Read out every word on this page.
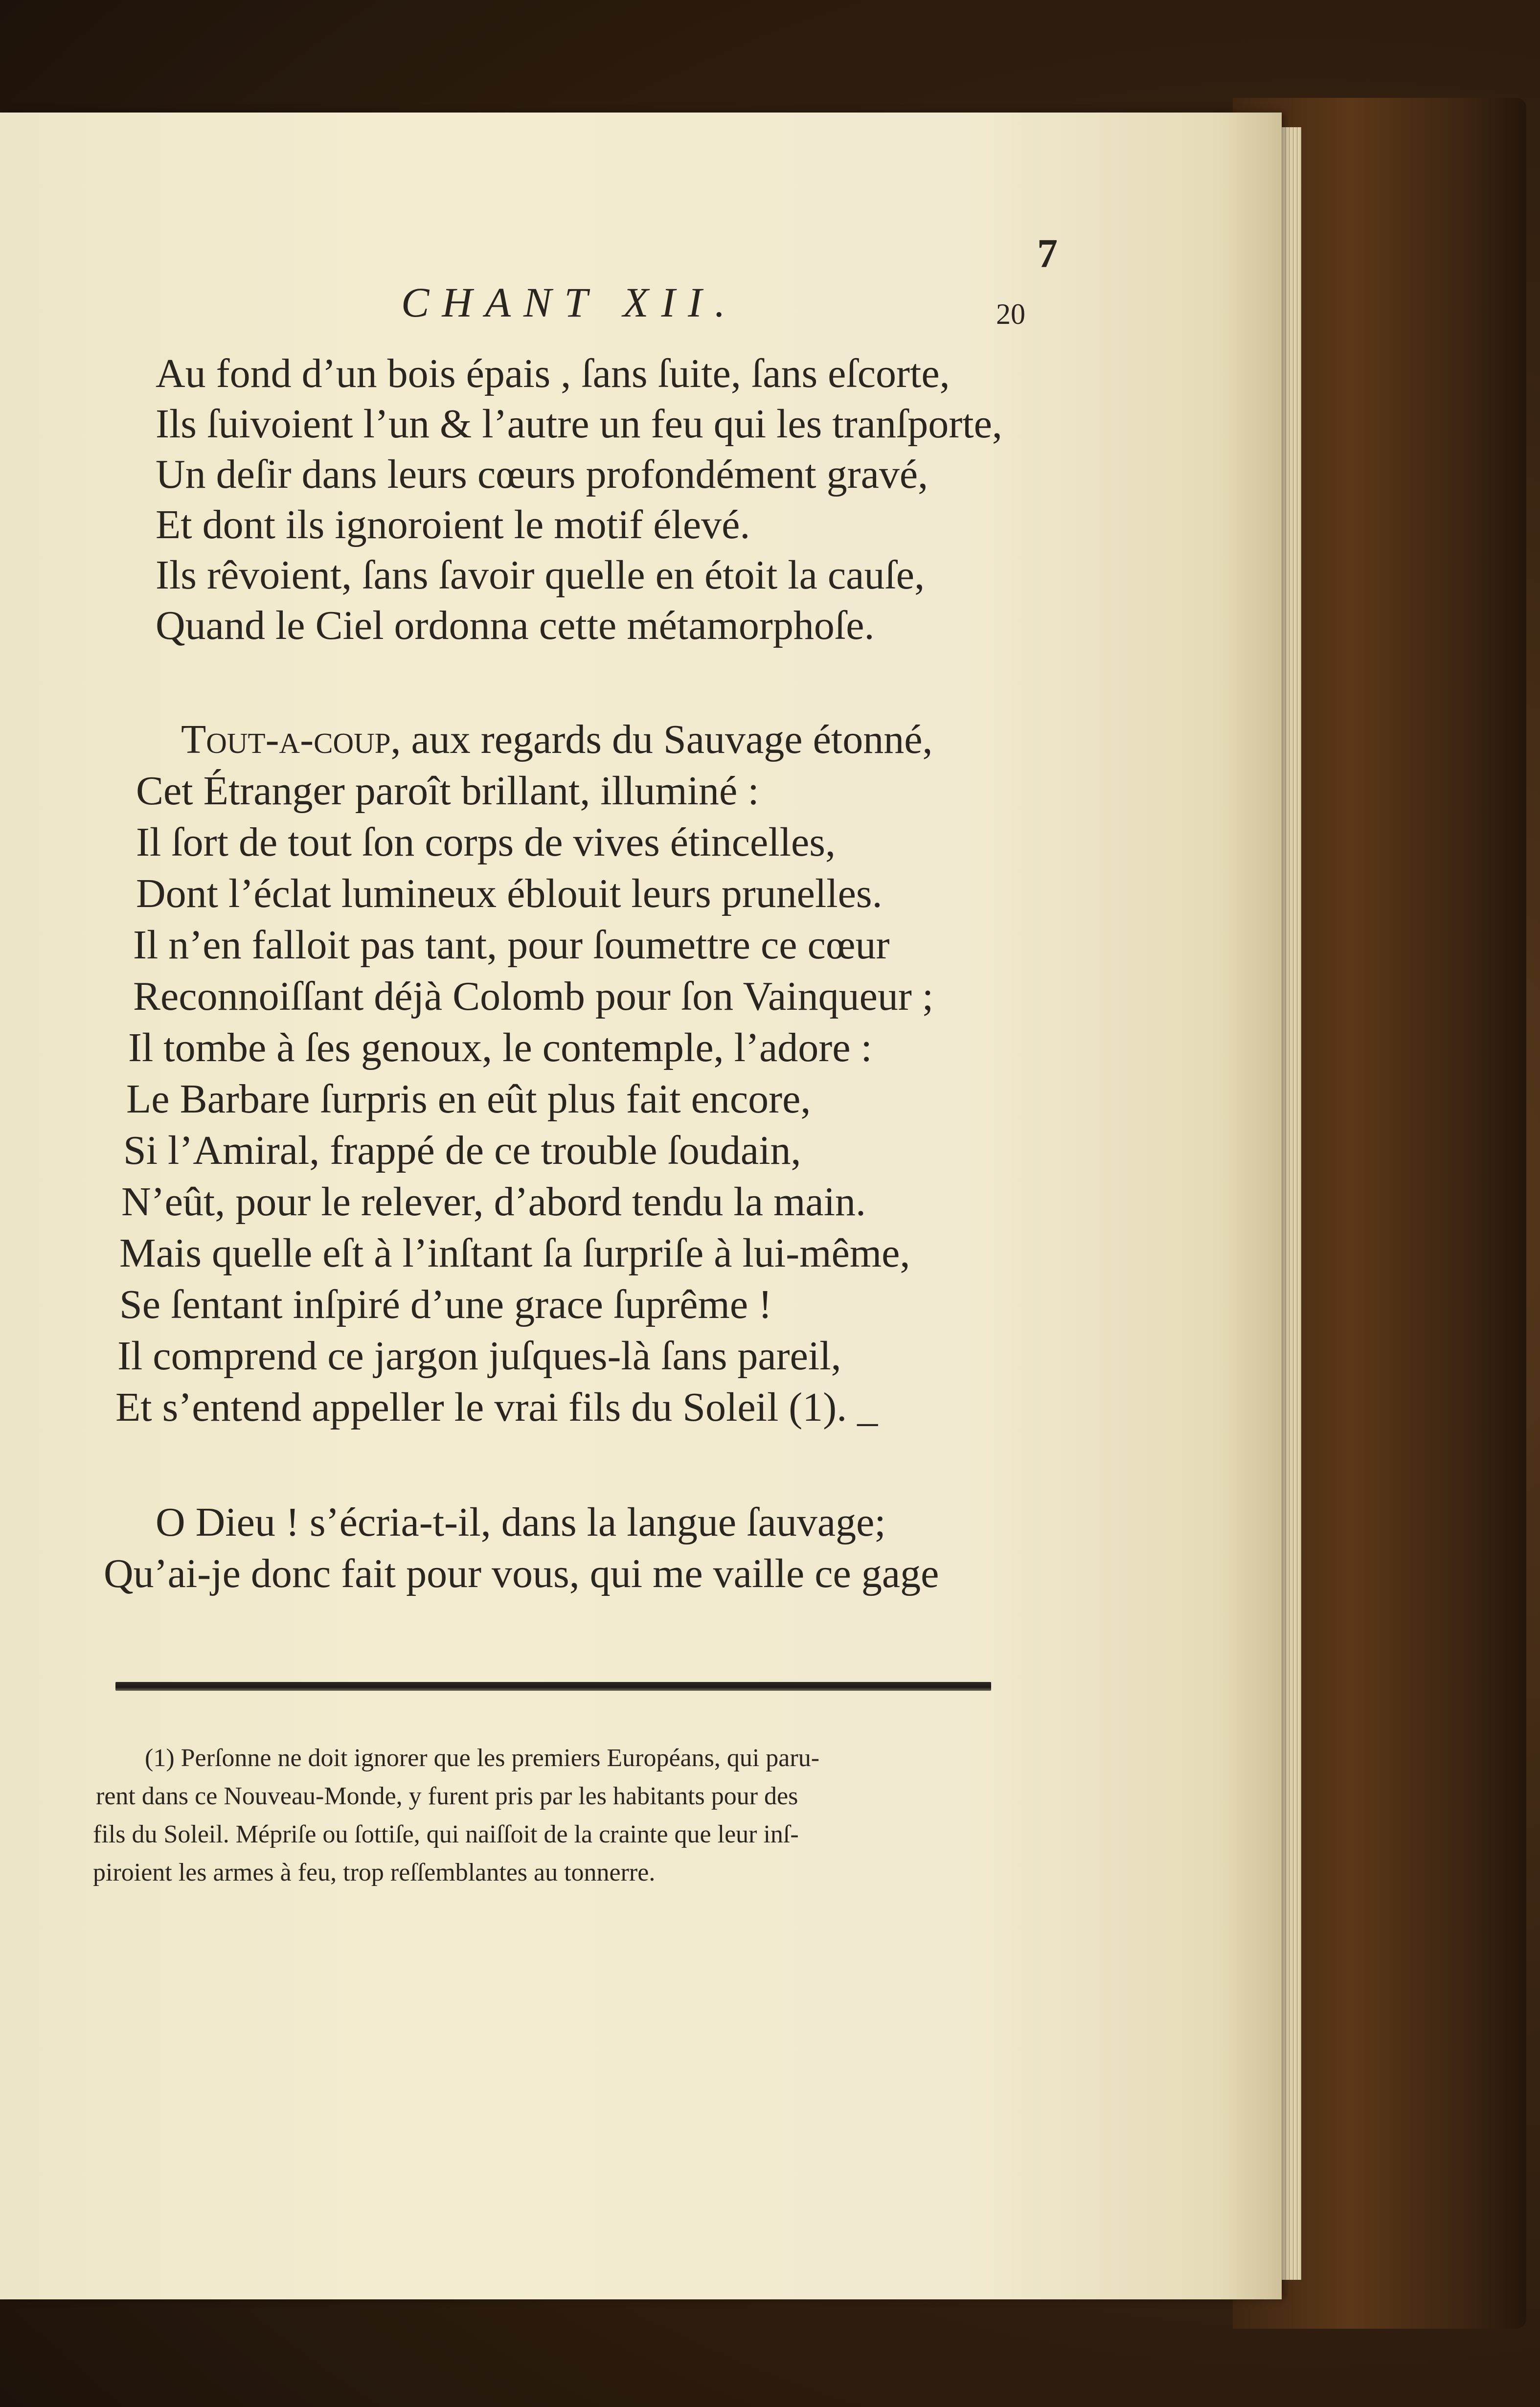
7
CHANT XII.	20
Au fond d’un bois épais , ſans ſuite, ſans eſcorte,
Ils ſuivoient l’un & l’autre un feu qui les tranſporte,
Un deſir dans leurs cœurs profondément gravé,
Et dont ils ignoroient le motif élevé.
Ils rêvoient, ſans ſavoir quelle en étoit la cauſe,
Quand le Ciel ordonna cette métamorphoſe.
Tout-a-coup, aux regards du Sauvage étonné,
Cet Étranger paroît brillant, illuminé :
Il ſort de tout ſon corps de vives étincelles,
Dont l’éclat lumineux éblouit leurs prunelles.
Il n’en falloit pas tant, pour ſoumettre ce cœur
Reconnoiſſant déjà Colomb pour ſon Vainqueur ;
Il tombe à ſes genoux, le contemple, l’adore :
Le Barbare ſurpris en eût plus fait encore,
Si l’Amiral, frappé de ce trouble ſoudain,
N’eût, pour le relever, d’abord tendu la main.
Mais quelle eſt à l’inſtant ſa ſurpriſe à lui-même,
Se ſentant inſpiré d’une grace ſuprême !
Il comprend ce jargon juſques-là ſans pareil,
Et s’entend appeller le vrai fils du Soleil (1). _
O Dieu ! s’écria-t-il, dans la langue ſauvage;
Qu’ai-je donc fait pour vous, qui me vaille ce gage
(1) Perſonne ne doit ignorer que les premiers Européans, qui paru-
rent dans ce Nouveau-Monde, y furent pris par les habitants pour des
fils du Soleil. Mépriſe ou ſottiſe, qui naiſſoit de la crainte que leur inſ-
piroient les armes à feu, trop reſſemblantes au tonnerre.
